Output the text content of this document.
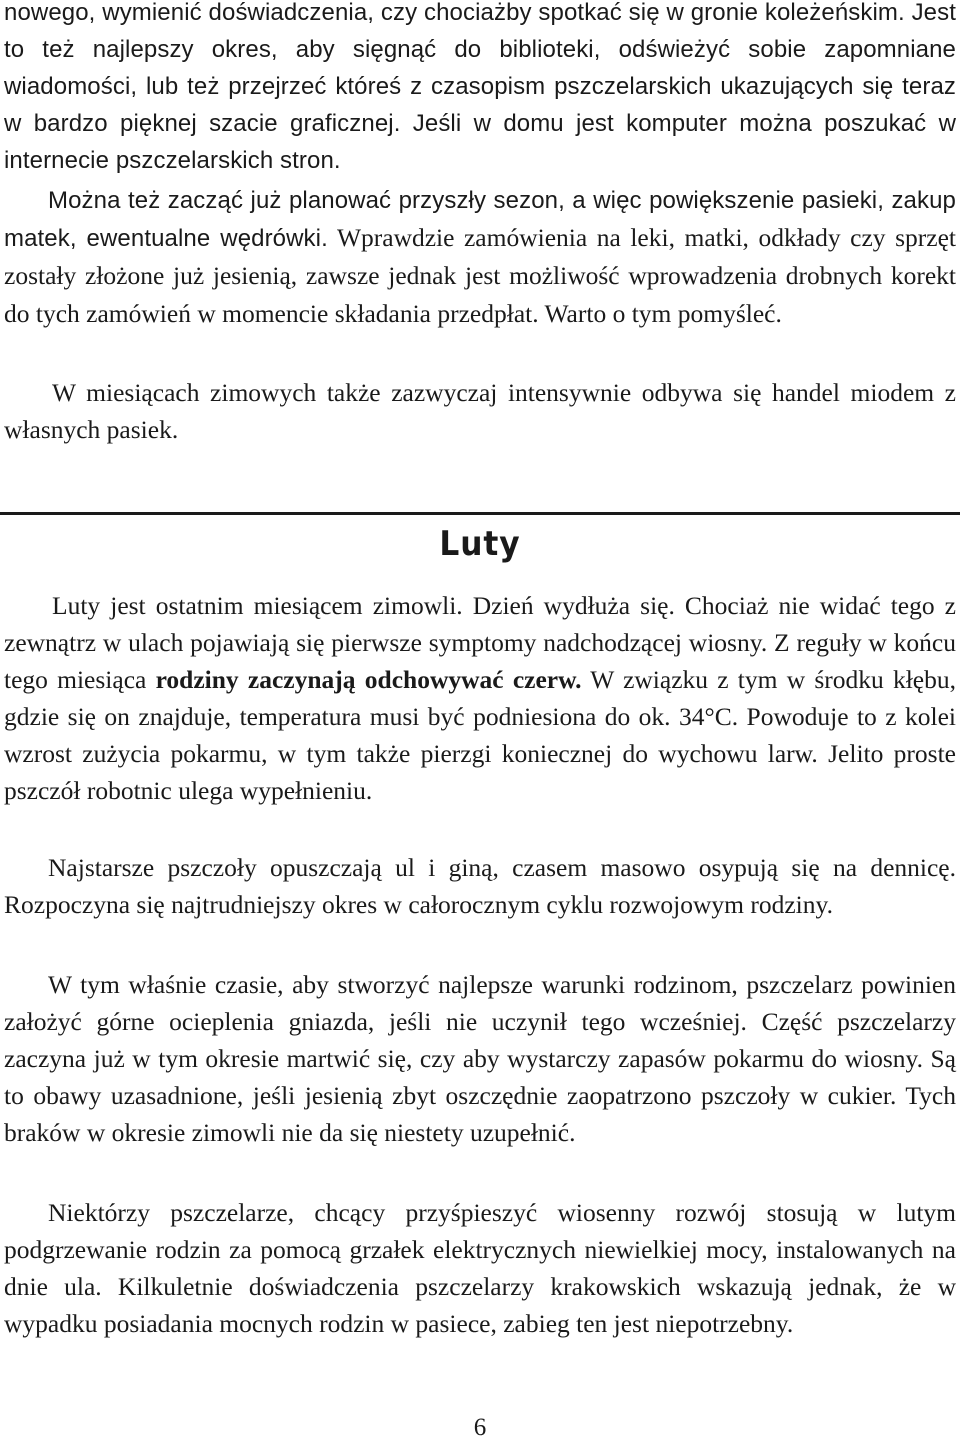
nowego, wymienić doświadczenia, czy chociażby spotkać się w gronie koleżeńskim. Jest to też najlepszy okres, aby sięgnąć do biblioteki, odświeżyć sobie zapomniane wiadomości, lub też przejrzeć któreś z czasopism pszczelarskich ukazujących się teraz w bardzo pięknej szacie graficznej. Jeśli w domu jest komputer można poszukać w internecie pszczelarskich stron.

Można też zacząć już planować przyszły sezon, a więc powiększenie pasieki, zakup matek, ewentualne wędrówki. Wprawdzie zamówienia na leki, matki, odkłady czy sprzęt zostały złożone już jesienią, zawsze jednak jest możliwość wprowadzenia drobnych korekt do tych zamówień w momencie składania przedpłat. Warto o tym pomyśleć.

W miesiącach zimowych także zazwyczaj intensywnie odbywa się handel miodem z własnych pasiek.

Luty

Luty jest ostatnim miesiącem zimowli. Dzień wydłuża się. Chociaż nie widać tego z zewnątrz w ulach pojawiają się pierwsze symptomy nadchodzącej wiosny. Z reguły w końcu tego miesiąca rodziny zaczynają odchowywać czerw. W związku z tym w środku kłębu, gdzie się on znajduje, temperatura musi być podniesiona do ok. 34°C. Powoduje to z kolei wzrost zużycia pokarmu, w tym także pierzgi koniecznej do wychowu larw. Jelito proste pszczół robotnic ulega wypełnieniu.

Najstarsze pszczoły opuszczają ul i giną, czasem masowo osypują się na dennicę. Rozpoczyna się najtrudniejszy okres w całorocznym cyklu rozwojowym rodziny.

W tym właśnie czasie, aby stworzyć najlepsze warunki rodzinom, pszczelarz powinien założyć górne ocieplenia gniazda, jeśli nie uczynił tego wcześniej. Część pszczelarzy zaczyna już w tym okresie martwić się, czy aby wystarczy zapasów pokarmu do wiosny. Są to obawy uzasadnione, jeśli jesienią zbyt oszczędnie zaopatrzono pszczoły w cukier. Tych braków w okresie zimowli nie da się niestety uzupełnić.

Niektórzy pszczelarze, chcący przyśpieszyć wiosenny rozwój stosują w lutym podgrzewanie rodzin za pomocą grzałek elektrycznych niewielkiej mocy, instalowanych na dnie ula. Kilkuletnie doświadczenia pszczelarzy krakowskich wskazują jednak, że w wypadku posiadania mocnych rodzin w pasiece, zabieg ten jest niepotrzebny.

6
